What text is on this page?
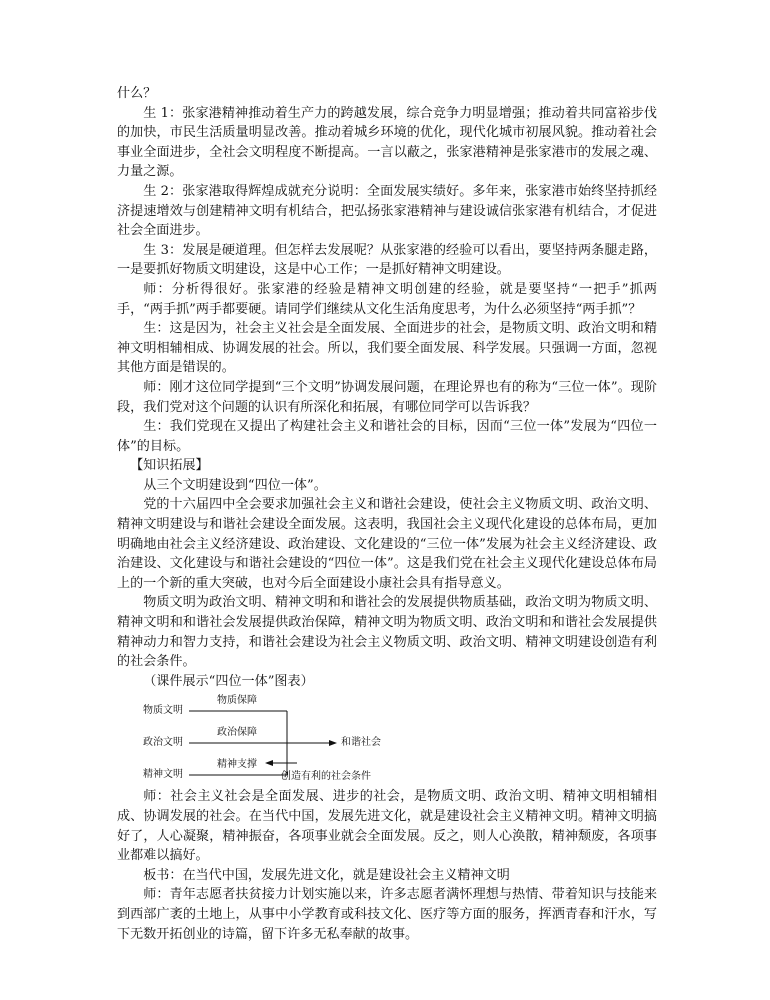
什么？

生 1：张家港精神推动着生产力的跨越发展，综合竞争力明显增强；推动着共同富裕步伐的加快，市民生活质量明显改善。推动着城乡环境的优化，现代化城市初展风貌。推动着社会事业全面进步，全社会文明程度不断提高。一言以蔽之，张家港精神是张家港市的发展之魂、力量之源。

生 2：张家港取得辉煌成就充分说明：全面发展实绩好。多年来，张家港市始终坚持抓经济提速增效与创建精神文明有机结合，把弘扬张家港精神与建设诚信张家港有机结合，才促进社会全面进步。

生 3：发展是硬道理。但怎样去发展呢？从张家港的经验可以看出，要坚持两条腿走路，一是要抓好物质文明建设，这是中心工作；一是抓好精神文明建设。

师：分析得很好。张家港的经验是精神文明创建的经验，就是要坚持“一把手”抓两手，“两手抓”两手都要硬。请同学们继续从文化生活角度思考，为什么必须坚持“两手抓”？

生：这是因为，社会主义社会是全面发展、全面进步的社会，是物质文明、政治文明和精神文明相辅相成、协调发展的社会。所以，我们要全面发展、科学发展。只强调一方面，忽视其他方面是错误的。

师：刚才这位同学提到“三个文明”协调发展问题，在理论界也有的称为“三位一体”。现阶段，我们党对这个问题的认识有所深化和拓展，有哪位同学可以告诉我？

生：我们党现在又提出了构建社会主义和谐社会的目标，因而“三位一体”发展为“四位一体”的目标。

【知识拓展】

从三个文明建设到“四位一体”。

党的十六届四中全会要求加强社会主义和谐社会建设，使社会主义物质文明、政治文明、精神文明建设与和谐社会建设全面发展。这表明，我国社会主义现代化建设的总体布局，更加明确地由社会主义经济建设、政治建设、文化建设的“三位一体”发展为社会主义经济建设、政治建设、文化建设与和谐社会建设的“四位一体”。这是我们党在社会主义现代化建设总体布局上的一个新的重大突破，也对今后全面建设小康社会具有指导意义。

物质文明为政治文明、精神文明和和谐社会的发展提供物质基础，政治文明为物质文明、精神文明和和谐社会发展提供政治保障，精神文明为物质文明、政治文明和和谐社会发展提供精神动力和智力支持，和谐社会建设为社会主义物质文明、政治文明、精神文明建设创造有利的社会条件。

（课件展示“四位一体”图表）

物质文明
政治文明
精神文明
物质保障
政治保障
精神支撑
和谐社会
创造有利的社会条件

师：社会主义社会是全面发展、进步的社会，是物质文明、政治文明、精神文明相辅相成、协调发展的社会。在当代中国，发展先进文化，就是建设社会主义精神文明。精神文明搞好了，人心凝聚，精神振奋，各项事业就会全面发展。反之，则人心涣散，精神颓废，各项事业都难以搞好。

板书：在当代中国，发展先进文化，就是建设社会主义精神文明

师：青年志愿者扶贫接力计划实施以来，许多志愿者满怀理想与热情、带着知识与技能来到西部广袤的土地上，从事中小学教育或科技文化、医疗等方面的服务，挥洒青春和汗水，写下无数开拓创业的诗篇，留下许多无私奉献的故事。
